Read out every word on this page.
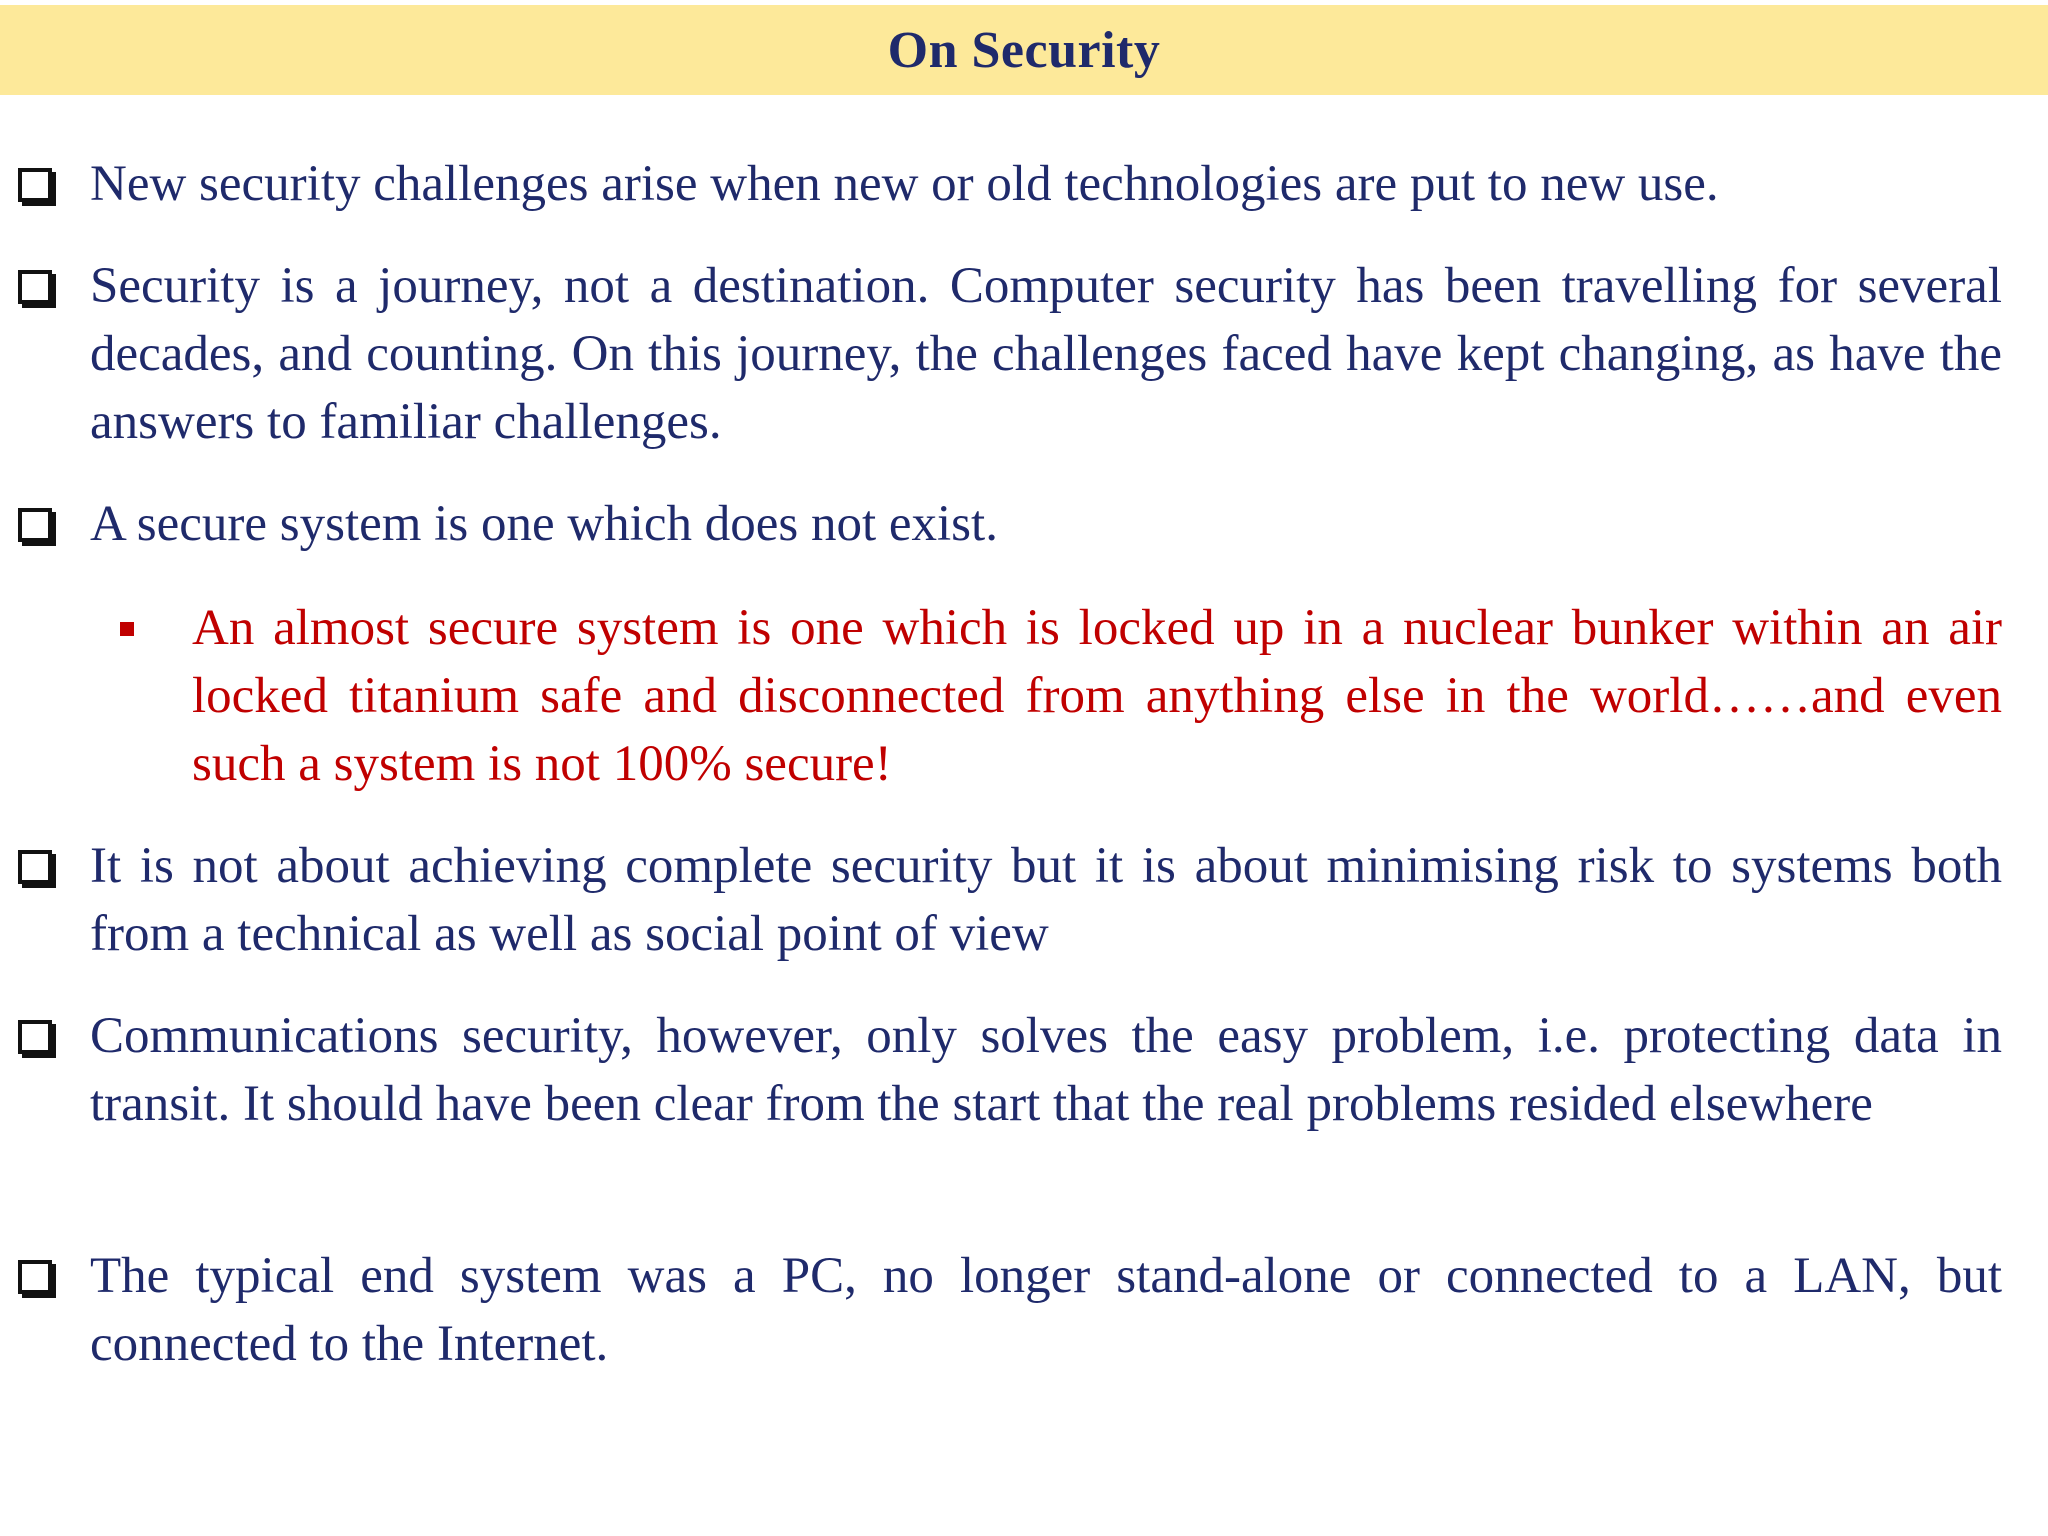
On Security
New security challenges arise when new or old technologies are put to new use.
Security is a journey, not a destination. Computer security has been travelling for several decades, and counting. On this journey, the challenges faced have kept changing, as have the answers to familiar challenges.
A secure system is one which does not exist.
An almost secure system is one which is locked up in a nuclear bunker within an air locked titanium safe and disconnected from anything else in the world……and even such a system is not 100% secure!
It is not about achieving complete security but it is about minimising risk to systems both from a technical as well as social point of view
Communications security, however, only solves the easy problem, i.e. protecting data in transit. It should have been clear from the start that the real problems resided elsewhere
The typical end system was a PC, no longer stand-alone or connected to a LAN, but connected to the Internet.
